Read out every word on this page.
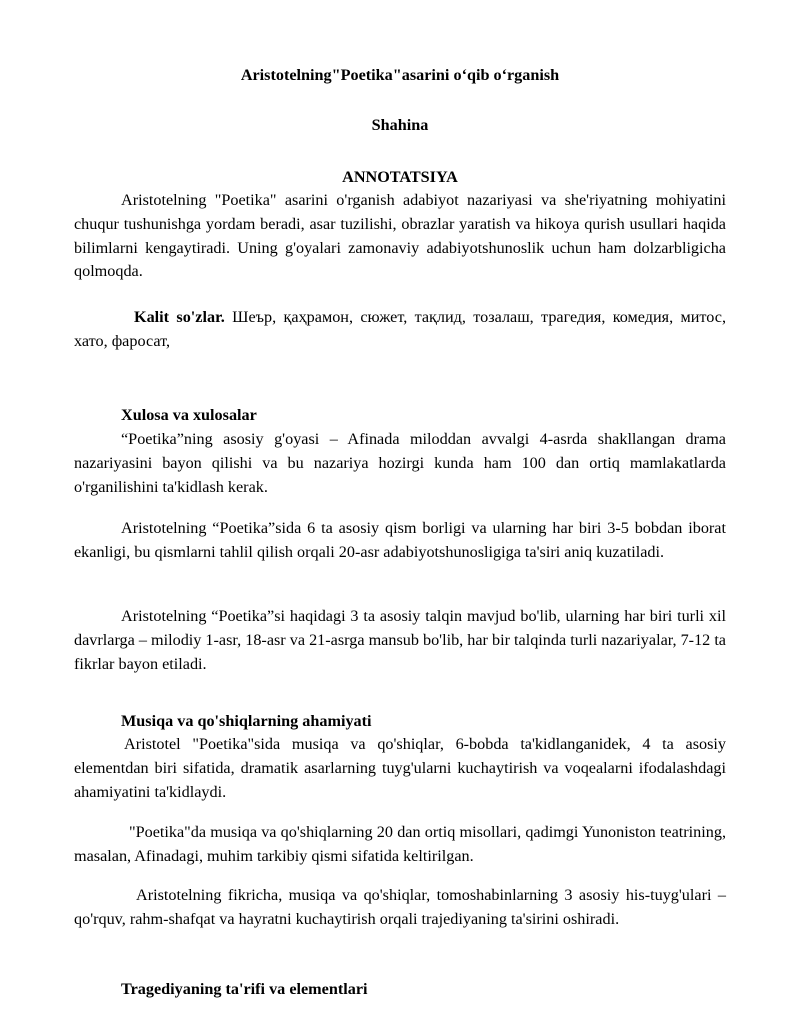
Aristotelning"Poetika"asarini o‘qib o‘rganish
Shahina
ANNOTATSIYA

Aristotelning "Poetika" asarini o'rganish adabiyot nazariyasi va she'riyatning mohiyatini chuqur tushunishga yordam beradi, asar tuzilishi, obrazlar yaratish va hikoya qurish usullari haqida bilimlarni kengaytiradi. Uning g'oyalari zamonaviy adabiyotshunoslik uchun ham dolzarbligicha qolmoqda.

Kalit so'zlar. Шеър, қаҳрамон, сюжет, тақлид, тозалаш, трагедия, комедия, митос, хато, фаросат,

Xulosa va xulosalar

“Poetika”ning asosiy g'oyasi – Afinada miloddan avvalgi 4-asrda shakllangan drama nazariyasini bayon qilishi va bu nazariya hozirgi kunda ham 100 dan ortiq mamlakatlarda o'rganilishini ta'kidlash kerak.

Aristotelning “Poetika”sida 6 ta asosiy qism borligi va ularning har biri 3-5 bobdan iborat ekanligi, bu qismlarni tahlil qilish orqali 20-asr adabiyotshunosligiga ta'siri aniq kuzatiladi.

Aristotelning “Poetika”si haqidagi 3 ta asosiy talqin mavjud bo'lib, ularning har biri turli xil davrlarga – milodiy 1-asr, 18-asr va 21-asrga mansub bo'lib, har bir talqinda turli nazariyalar, 7-12 ta fikrlar bayon etiladi.

Musiqa va qo'shiqlarning ahamiyati

Aristotel "Poetika"sida musiqa va qo'shiqlar, 6-bobda ta'kidlanganidek, 4 ta asosiy elementdan biri sifatida, dramatik asarlarning tuyg'ularni kuchaytirish va voqealarni ifodalashdagi ahamiyatini ta'kidlaydi.

"Poetika"da musiqa va qo'shiqlarning 20 dan ortiq misollari, qadimgi Yunoniston teatrining, masalan, Afinadagi, muhim tarkibiy qismi sifatida keltirilgan.

Aristotelning fikricha, musiqa va qo'shiqlar, tomoshabinlarning 3 asosiy his-tuyg'ulari – qo'rquv, rahm-shafqat va hayratni kuchaytirish orqali trajediyaning ta'sirini oshiradi.

Tragediyaning ta'rifi va elementlari
